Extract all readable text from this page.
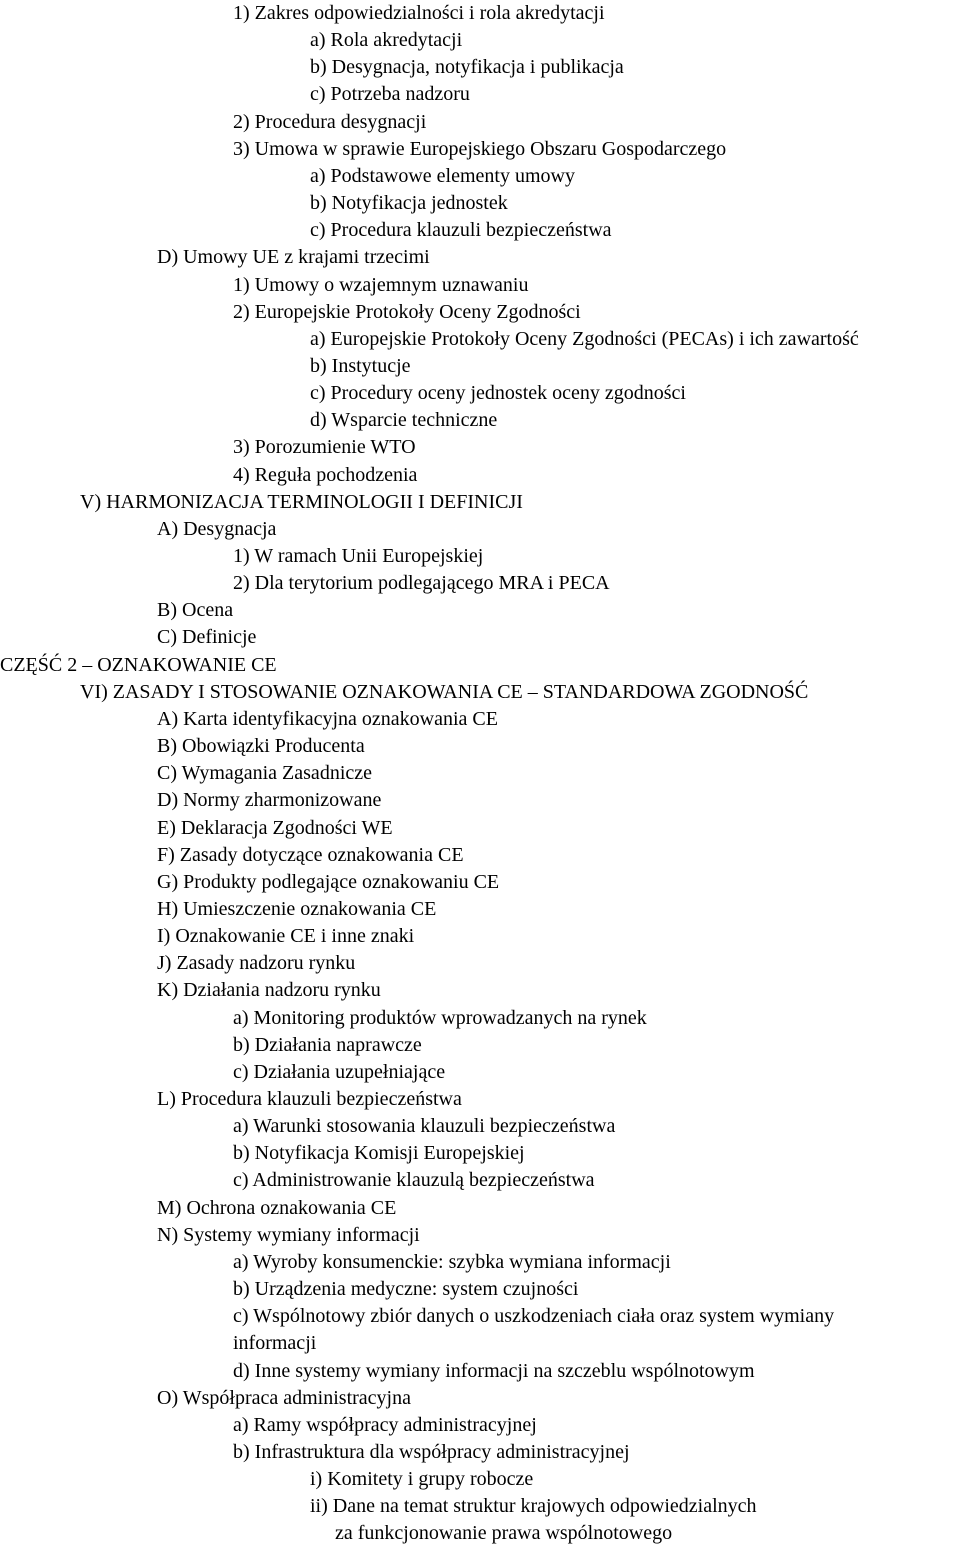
1) Zakres odpowiedzialności i rola akredytacji
a) Rola akredytacji
b) Desygnacja, notyfikacja i publikacja
c) Potrzeba nadzoru
2) Procedura desygnacji
3) Umowa w sprawie Europejskiego Obszaru Gospodarczego
a) Podstawowe elementy umowy
b) Notyfikacja jednostek
c) Procedura klauzuli bezpieczeństwa
D) Umowy UE z krajami trzecimi
1) Umowy o wzajemnym uznawaniu
2) Europejskie Protokoły Oceny Zgodności
a) Europejskie Protokoły Oceny Zgodności (PECAs) i ich zawartość
b) Instytucje
c) Procedury oceny jednostek oceny zgodności
d) Wsparcie techniczne
3) Porozumienie WTO
4) Reguła pochodzenia
V) HARMONIZACJA TERMINOLOGII I DEFINICJI
A) Desygnacja
1) W ramach Unii Europejskiej
2) Dla terytorium podlegającego MRA i PECA
B) Ocena
C) Definicje
CZĘŚĆ 2 – OZNAKOWANIE CE
VI) ZASADY I STOSOWANIE OZNAKOWANIA CE – STANDARDOWA ZGODNOŚĆ
A) Karta identyfikacyjna oznakowania CE
B) Obowiązki Producenta
C) Wymagania Zasadnicze
D) Normy zharmonizowane
E) Deklaracja Zgodności WE
F) Zasady dotyczące oznakowania CE
G) Produkty podlegające oznakowaniu CE
H) Umieszczenie oznakowania CE
I) Oznakowanie CE i inne znaki
J) Zasady nadzoru rynku
K) Działania nadzoru rynku
a) Monitoring produktów wprowadzanych na rynek
b) Działania naprawcze
c) Działania uzupełniające
L) Procedura klauzuli bezpieczeństwa
a) Warunki stosowania klauzuli bezpieczeństwa
b) Notyfikacja Komisji Europejskiej
c) Administrowanie klauzulą bezpieczeństwa
M) Ochrona oznakowania CE
N) Systemy wymiany informacji
a) Wyroby konsumenckie: szybka wymiana informacji
b) Urządzenia medyczne: system czujności
c) Wspólnotowy zbiór danych o uszkodzeniach ciała oraz system wymiany
informacji
d) Inne systemy wymiany informacji na szczeblu wspólnotowym
O) Współpraca administracyjna
a) Ramy współpracy administracyjnej
b) Infrastruktura dla współpracy administracyjnej
i) Komitety i grupy robocze
ii) Dane na temat struktur krajowych odpowiedzialnych
za funkcjonowanie prawa wspólnotowego
